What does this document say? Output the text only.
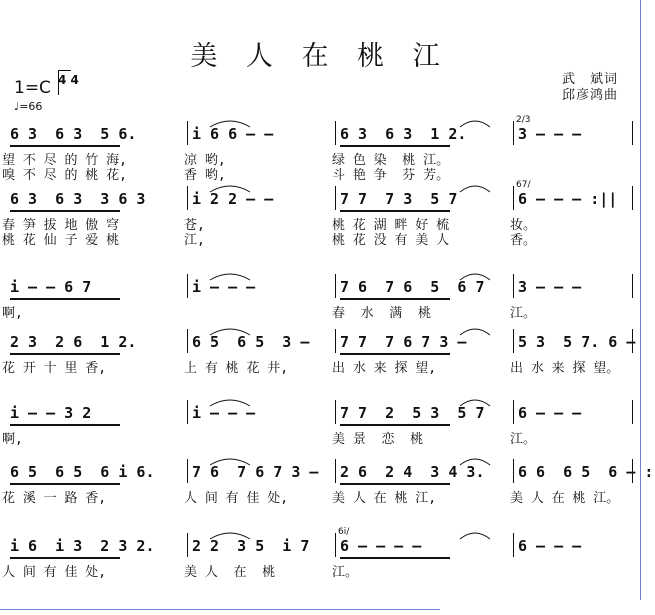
美 人 在 桃 江
1=C 4 4
♩=66
武　斌词
邱彦鸿曲
6 3  6 3  5 6.
望 不 尽 的 竹 海,
嗅 不 尽 的 桃 花,
i 6 6 – –
凉 哟,
香 哟,
6 3  6 3  1 2.
绿 色 染  桃 江。
斗 艳 争  芬 芳。
3 – – –
2/3
6 3  6 3  3 6 3
春 笋 拔 地 傲 穹
桃 花 仙 子 爱 桃
i 2 2 – –
苍,
江,
7 7  7 3  5 7
桃 花 湖 畔 好 梳
桃 花 没 有 美 人
6 – – – :||
67/
妆。
香。
i – – 6 7
啊,
i – – –	7 6  7 6  5  6 7
春  水  满  桃
3 – – –
江。
2 3  2 6  1 2.
花 开 十 里 香,
6 5  6 5  3 –
上 有 桃 花 井,
7 7  7 6 7 3 –
出 水 来 探 望,
5 3  5 7. 6 –
出 水 来 探 望。
i – – 3 2
啊,
i – – –	7 7  2  5 3  5 7
美 景  恋  桃
6 – – –
江。
6 5  6 5  6 i 6.
花 溪 一 路 香,
7 6  7 6 7 3 –
人 间 有 佳 处,
2 6  2 4  3 4 3.
美 人 在 桃 江,
6 6  6 5  6 – :
美 人 在 桃 江。
i 6  i 3  2 3 2.
人 间 有 佳 处,
2 2  3 5  i 7
美 人  在  桃
6 – – – –
6i/
江。
6 – – –
